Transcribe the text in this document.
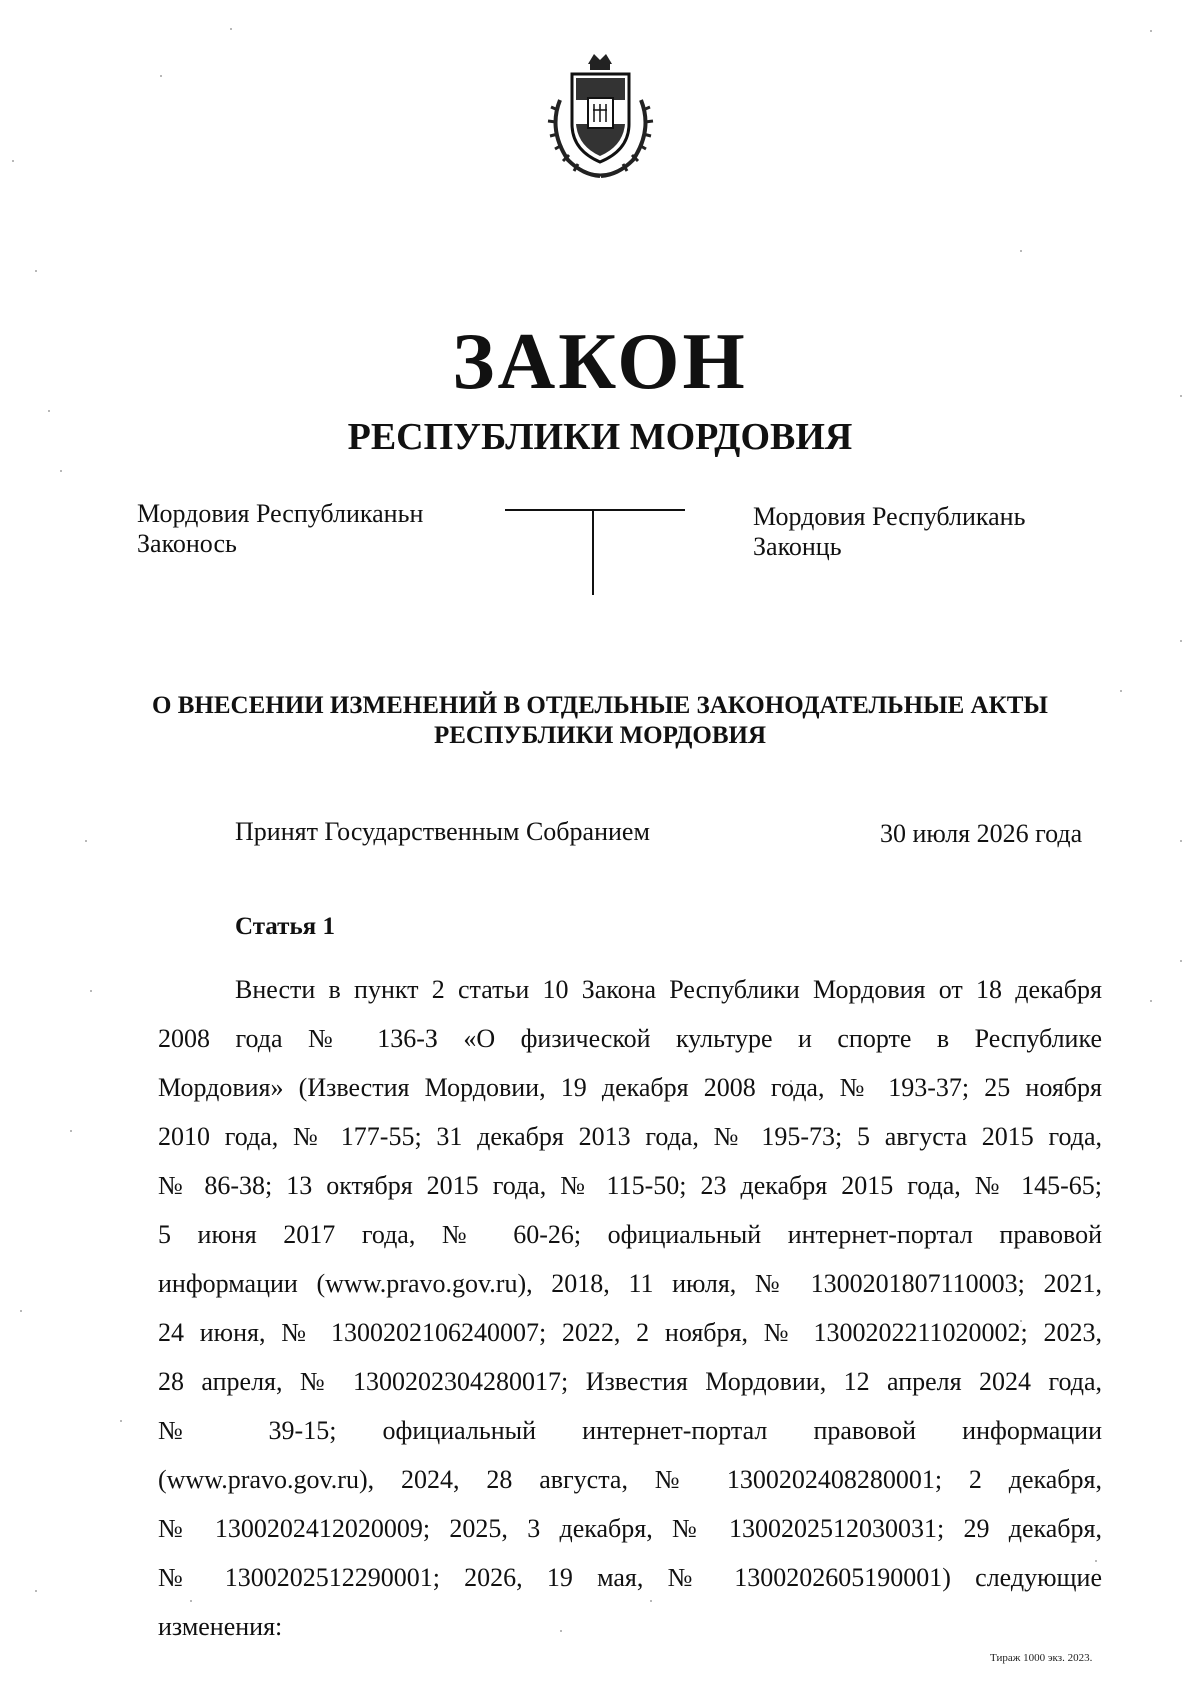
ЗАКОН
РЕСПУБЛИКИ МОРДОВИЯ
Мордовия Республиканьн
Законось
Мордовия Республикань
Законць
О ВНЕСЕНИИ ИЗМЕНЕНИЙ В ОТДЕЛЬНЫЕ ЗАКОНОДАТЕЛЬНЫЕ АКТЫ
РЕСПУБЛИКИ МОРДОВИЯ
Принят Государственным Собранием	30 июля 2026 года
Статья 1
Внести в пункт 2 статьи 10 Закона Республики Мордовия от 18 декабря
2008 года № 136-З «О физической культуре и спорте в Республике
Мордовия» (Известия Мордовии, 19 декабря 2008 года, № 193-37; 25 ноября
2010 года, № 177-55; 31 декабря 2013 года, № 195-73; 5 августа 2015 года,
№ 86-38; 13 октября 2015 года, № 115-50; 23 декабря 2015 года, № 145-65;
5 июня 2017 года, № 60-26; официальный интернет-портал правовой
информации (www.pravo.gov.ru), 2018, 11 июля, № 1300201807110003; 2021,
24 июня, № 1300202106240007; 2022, 2 ноября, № 1300202211020002; 2023,
28 апреля, № 1300202304280017; Известия Мордовии, 12 апреля 2024 года,
№ 39-15; официальный интернет-портал правовой информации
(www.pravo.gov.ru), 2024, 28 августа, № 1300202408280001; 2 декабря,
№ 1300202412020009; 2025, 3 декабря, № 1300202512030031; 29 декабря,
№ 1300202512290001; 2026, 19 мая, № 1300202605190001) следующие
изменения:
Тираж 1000 экз. 2023.
